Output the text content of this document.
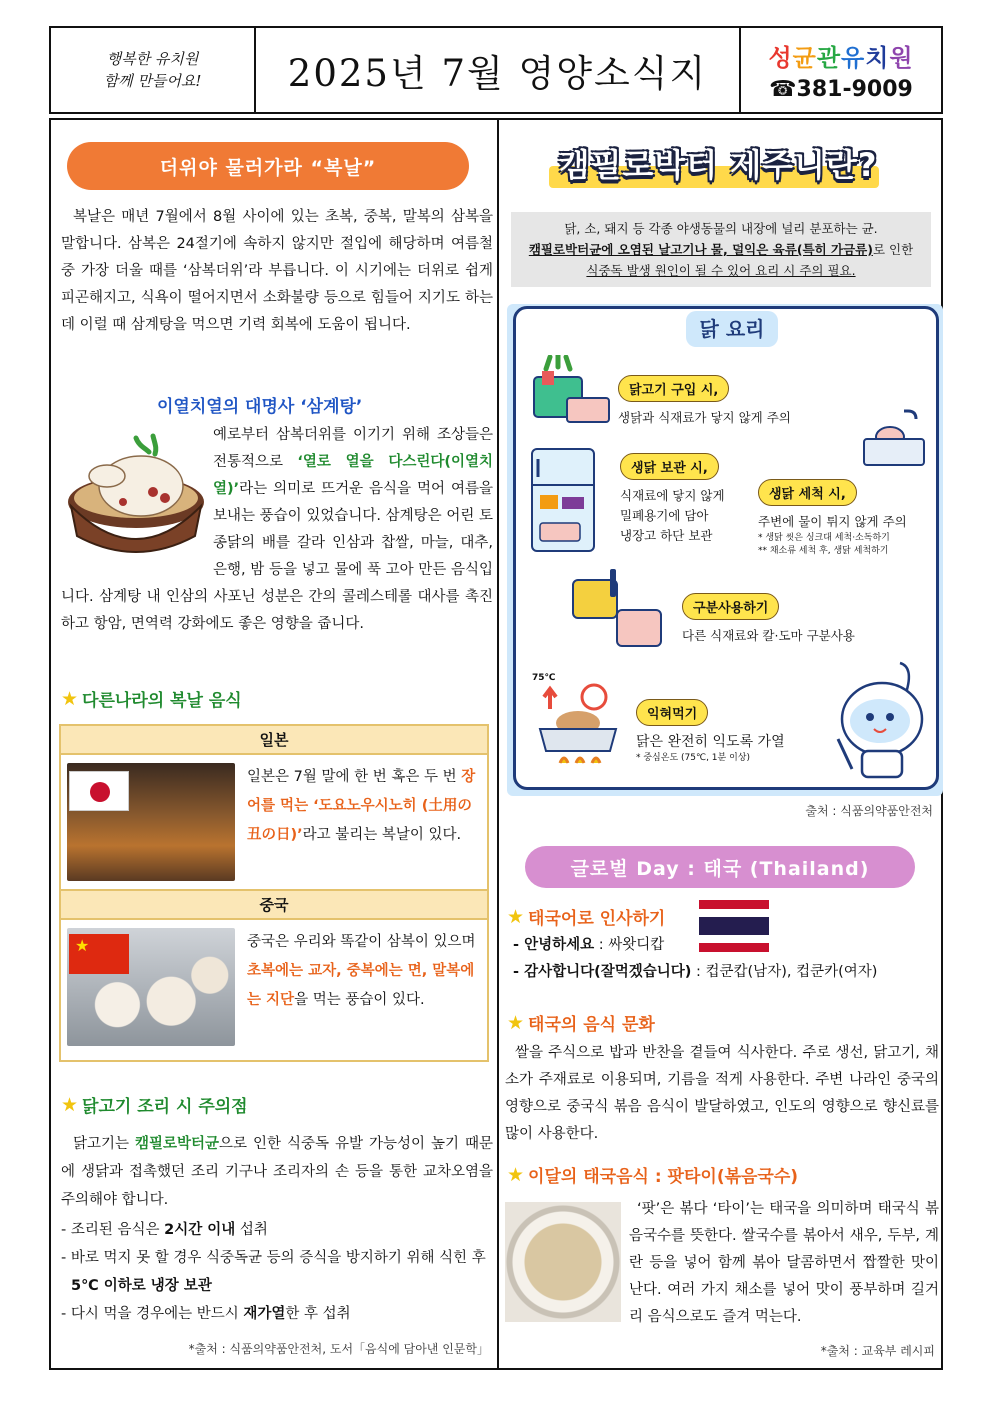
행복한 유치원
함께 만들어요!	2025년 7월 영양소식지	성균관유치원
☎381-9009
더위야 물러가라 “복날”
복날은 매년 7월에서 8월 사이에 있는 초복, 중복, 말복의 삼복을 말합니다. 삼복은 24절기에 속하지 않지만 절입에 해당하며 여름철 중 가장 더울 때를 ‘삼복더위’라 부릅니다. 이 시기에는 더위로 쉽게 피곤해지고, 식욕이 떨어지면서 소화불량 등으로 힘들어 지기도 하는데 이럴 때 삼계탕을 먹으면 기력 회복에 도움이 됩니다.
이열치열의 대명사 ‘삼계탕’
예로부터 삼복더위를 이기기 위해 조상들은 전통적으로 ‘열로 열을 다스린다(이열치열)’라는 의미로 뜨거운 음식을 먹어 여름을 보내는 풍습이 있었습니다. 삼계탕은 어린 토종닭의 배를 갈라 인삼과 찹쌀, 마늘, 대추, 은행, 밤 등을 넣고 물에 푹 고아 만든 음식입니다. 삼계탕 내 인삼의 사포닌 성분은 간의 콜레스테롤 대사를 촉진하고 항암, 면역력 강화에도 좋은 영향을 줍니다.
★ 다른나라의 복날 음식
일본
일본은 7월 말에 한 번 혹은 두 번 장어를 먹는 ‘도요노우시노히 (土用の丑の日)’라고 불리는 복날이 있다.
중국
★	중국은 우리와 똑같이 삼복이 있으며 초복에는 교자, 중복에는 면, 말복에는 지단을 먹는 풍습이 있다.
★ 닭고기 조리 시 주의점
닭고기는 캠필로박터균으로 인한 식중독 유발 가능성이 높기 때문에 생닭과 접촉했던 조리 기구나 조리자의 손 등을 통한 교차오염을 주의해야 합니다.
- 조리된 음식은 2시간 이내 섭취
- 바로 먹지 못 할 경우 식중독균 등의 증식을 방지하기 위해 식힌 후 5℃ 이하로 냉장 보관
- 다시 먹을 경우에는 반드시 재가열한 후 섭취
*출처 : 식품의약품안전처, 도서「음식에 담아낸 인문학」
캠필로박터 제주니란?
닭, 소, 돼지 등 각종 야생동물의 내장에 널리 분포하는 균.
캠필로박터균에 오염된 날고기나 물, 덜익은 육류(특히 가금류)로 인한
식중독 발생 원인이 될 수 있어 요리 시 주의 필요.
닭 요리
닭고기 구입 시,
생닭과 식재료가 닿지 않게 주의
생닭 보관 시,
식재료에 닿지 않게
밀폐용기에 담아
냉장고 하단 보관
생닭 세척 시,
주변에 물이 튀지 않게 주의
* 생닭 씻은 싱크대 세척·소독하기
** 채소류 세척 후, 생닭 세척하기
구분사용하기
다른 식재료와 칼·도마 구분사용
75℃
익혀먹기
닭은 완전히 익도록 가열
* 중심온도 (75℃, 1분 이상)
출처 : 식품의약품안전처
글로벌 Day : 태국 (Thailand)
★ 태국어로 인사하기
- 안녕하세요 : 싸왓디캅
- 감사합니다(잘먹겠습니다) : 컵쿤캅(남자), 컵쿤카(여자)
★ 태국의 음식 문화
쌀을 주식으로 밥과 반찬을 곁들여 식사한다. 주로 생선, 닭고기, 채소가 주재료로 이용되며, 기름을 적게 사용한다. 주변 나라인 중국의 영향으로 중국식 볶음 음식이 발달하였고, 인도의 영향으로 향신료를 많이 사용한다.
★ 이달의 태국음식 : 팟타이(볶음국수)
‘팟’은 볶다 ‘타이’는 태국을 의미하며 태국식 볶음국수를 뜻한다. 쌀국수를 볶아서 새우, 두부, 계란 등을 넣어 함께 볶아 달콤하면서 짭짤한 맛이 난다. 여러 가지 채소를 넣어 맛이 풍부하며 길거리 음식으로도 즐겨 먹는다.
*출처 : 교육부 레시피
